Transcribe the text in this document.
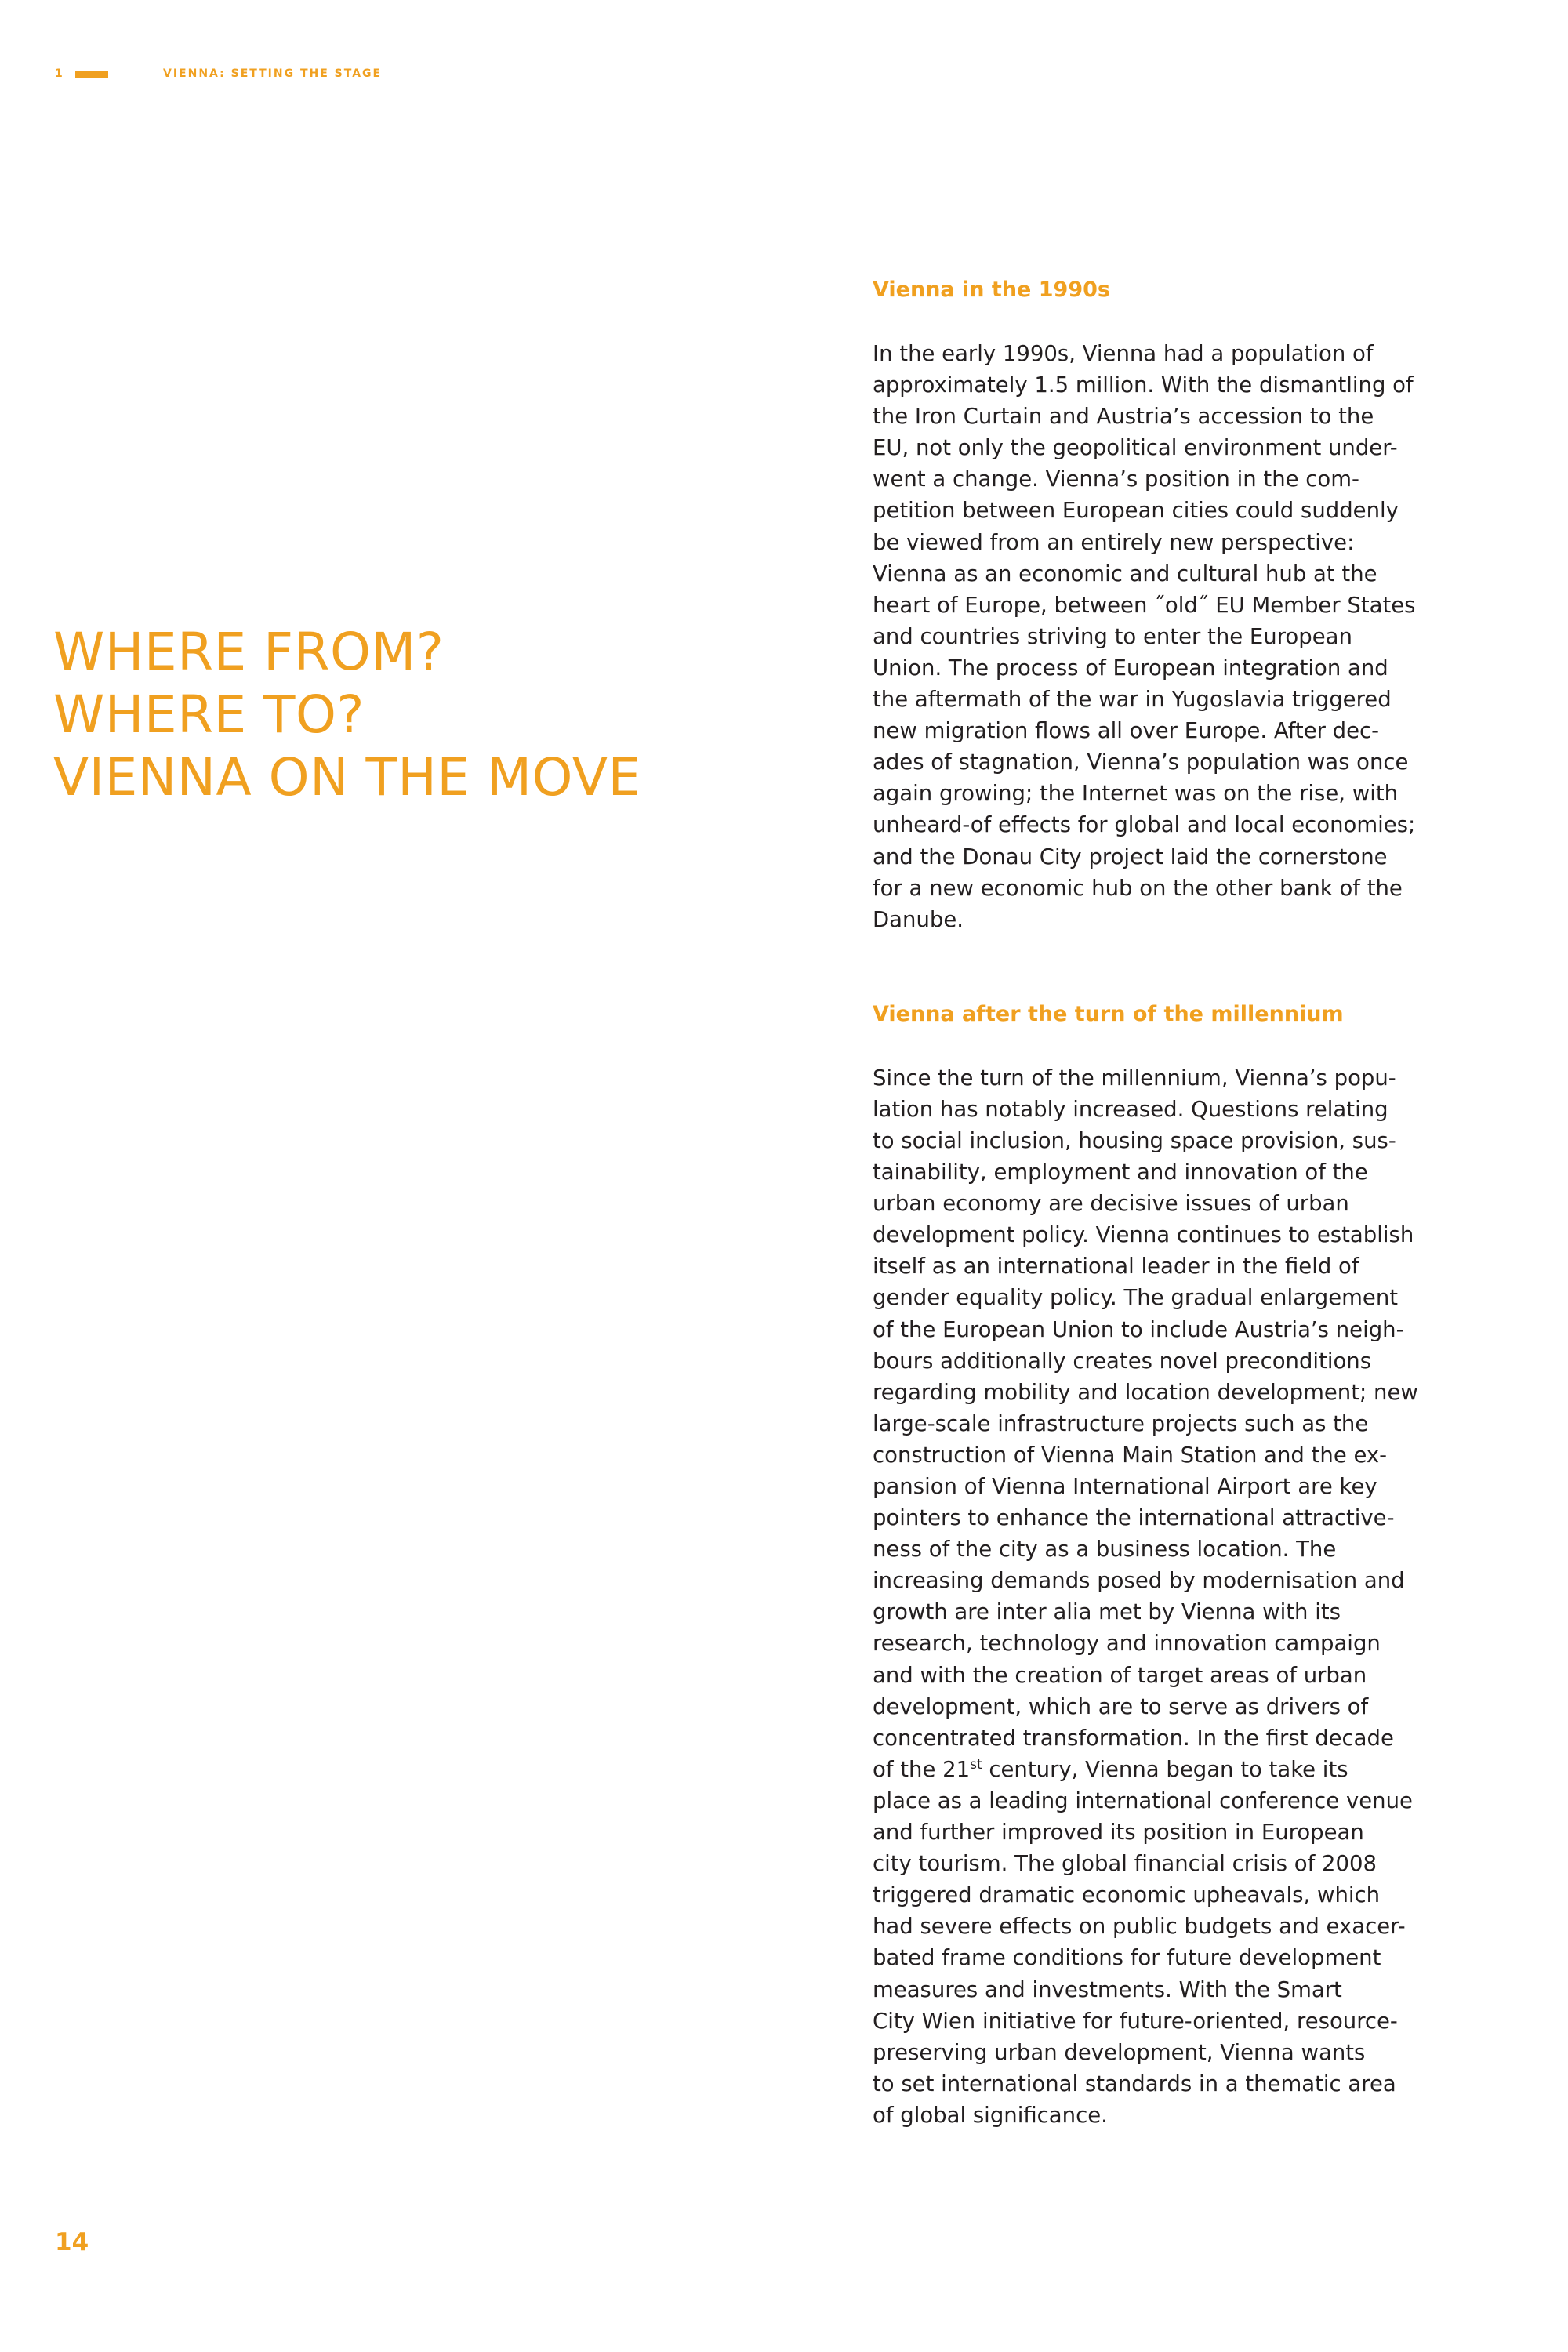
1	VIENNA: SETTING THE STAGE
WHERE FROM?
WHERE TO?
VIENNA ON THE MOVE
Vienna in the 1990s

In the early 1990s, Vienna had a population of
approximately 1.5 million. With the dismantling of
the Iron Curtain and Austria’s accession to the
EU, not only the geopolitical environment under-
went a change. Vienna’s position in the com-
petition between European cities could suddenly
be viewed from an entirely new perspective:
Vienna as an economic and cultural hub at the
heart of Europe, between ˝old˝ EU Member States
and countries striving to enter the European
Union. The process of European integration and
the aftermath of the war in Yugoslavia triggered
new migration flows all over Europe. After dec-
ades of stagnation, Vienna’s population was once
again growing; the Internet was on the rise, with
unheard-of effects for global and local economies;
and the Donau City project laid the cornerstone
for a new economic hub on the other bank of the
Danube.

Vienna after the turn of the millennium

Since the turn of the millennium, Vienna’s popu-
lation has notably increased. Questions relating
to social inclusion, housing space provision, sus-
tainability, employment and innovation of the
urban economy are decisive issues of urban
development policy. Vienna continues to establish
itself as an international leader in the field of
gender equality policy. The gradual enlargement
of the European Union to include Austria’s neigh-
bours additionally creates novel preconditions
regarding mobility and location development; new
large-scale infrastructure projects such as the
construction of Vienna Main Station and the ex-
pansion of Vienna International Airport are key
pointers to enhance the international attractive-
ness of the city as a business location. The
increasing demands posed by modernisation and
growth are inter alia met by Vienna with its
research, technology and innovation campaign
and with the creation of target areas of urban
development, which are to serve as drivers of
concentrated transformation. In the first decade
of the 21st century, Vienna began to take its
place as a leading international conference venue
and further improved its position in European
city tourism. The global financial crisis of 2008
triggered dramatic economic upheavals, which
had severe effects on public budgets and exacer-
bated frame conditions for future development
measures and investments. With the Smart
City Wien initiative for future-oriented, resource-
preserving urban development, Vienna wants
to set international standards in a thematic area
of global significance.

14
